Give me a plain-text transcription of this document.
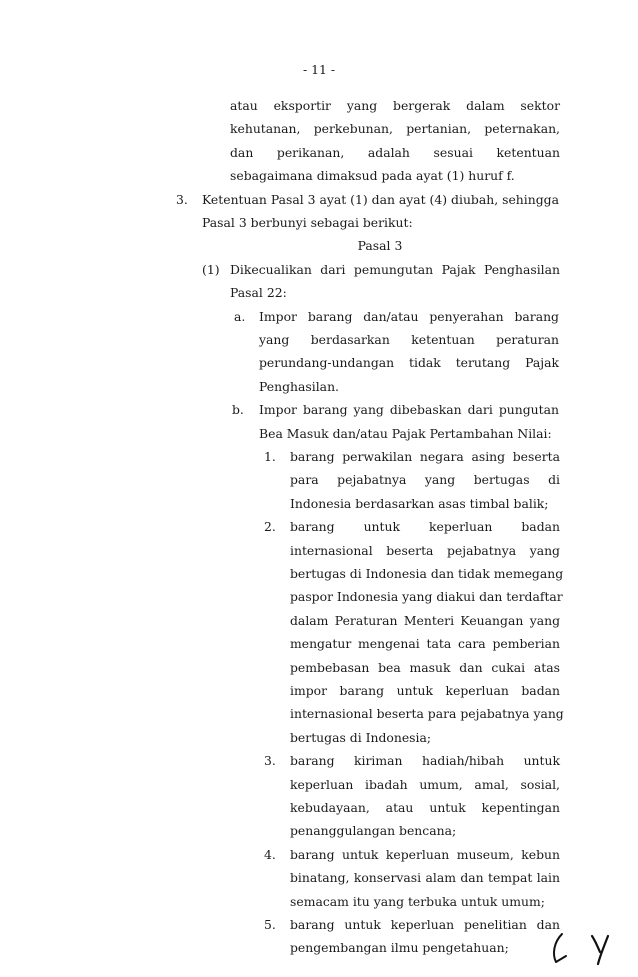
- 11 -
atau eksportir yang bergerak dalam sektor
kehutanan, perkebunan, pertanian, peternakan,
dan perikanan, adalah sesuai ketentuan
sebagaimana dimaksud pada ayat (1) huruf f.
3. Ketentuan Pasal 3 ayat (1) dan ayat (4) diubah, sehingga
Pasal 3 berbunyi sebagai berikut:
Pasal 3
(1) Dikecualikan dari pemungutan Pajak Penghasilan
Pasal 22:
a. Impor barang dan/atau penyerahan barang
yang berdasarkan ketentuan peraturan
perundang-undangan tidak terutang Pajak
Penghasilan.
b. Impor barang yang dibebaskan dari pungutan
Bea Masuk dan/atau Pajak Pertambahan Nilai:
1. barang perwakilan negara asing beserta
para pejabatnya yang bertugas di
Indonesia berdasarkan asas timbal balik;
2. barang untuk keperluan badan
internasional beserta pejabatnya yang
bertugas di Indonesia dan tidak memegang
paspor Indonesia yang diakui dan terdaftar
dalam Peraturan Menteri Keuangan yang
mengatur mengenai tata cara pemberian
pembebasan bea masuk dan cukai atas
impor barang untuk keperluan badan
internasional beserta para pejabatnya yang
bertugas di Indonesia;
3. barang kiriman hadiah/hibah untuk
keperluan ibadah umum, amal, sosial,
kebudayaan, atau untuk kepentingan
penanggulangan bencana;
4. barang untuk keperluan museum, kebun
binatang, konservasi alam dan tempat lain
semacam itu yang terbuka untuk umum;
5. barang untuk keperluan penelitian dan
pengembangan ilmu pengetahuan;
